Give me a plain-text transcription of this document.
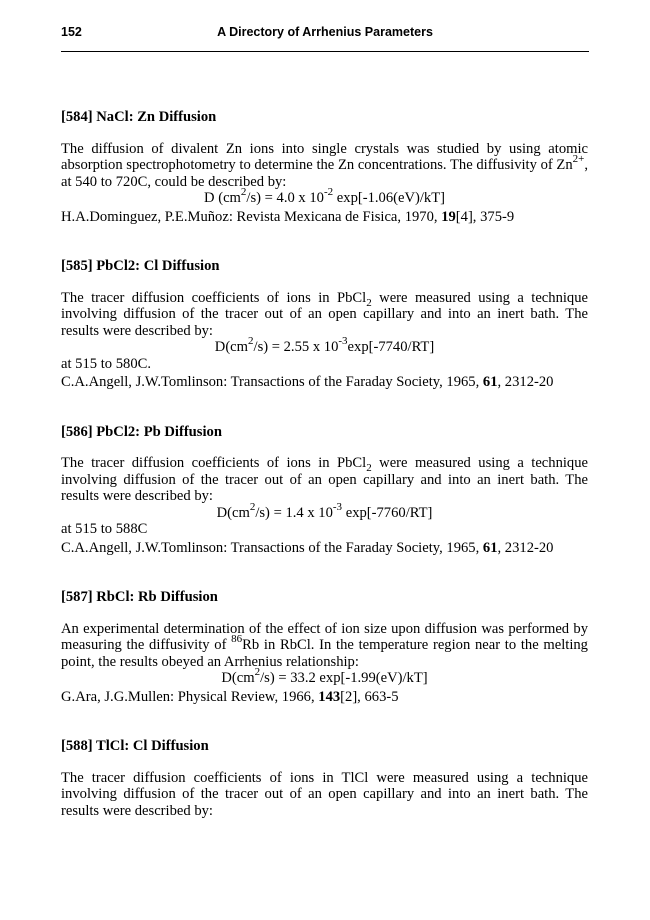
152	A Directory of Arrhenius Parameters

[584] NaCl: Zn Diffusion

The diffusion of divalent Zn ions into single crystals was studied by using atomic absorption spectrophotometry to determine the Zn concentrations. The diffusivity of $Zn^{2+}$, at 540 to 720C, could be described by:

D $(cm^2/s) = 4.0$ x $10^{-2}$ exp[-1.06(eV)/kT]

H.A.Dominguez, P.E.Muñoz: Revista Mexicana de Fisica, 1970, 19[4], 375-9

[585] PbCl2: Cl Diffusion

The tracer diffusion coefficients of ions in PbCl$_2$ were measured using a technique involving diffusion of the tracer out of an open capillary and into an inert bath. The results were described by:

$D(cm^2/s) = 2.55$ x $10^{-3}\exp[-7740/RT]$

at 515 to 580C.

C.A.Angell, J.W.Tomlinson: Transactions of the Faraday Society, 1965, 61, 2312-20

[586] PbCl2: Pb Diffusion

The tracer diffusion coefficients of ions in PbCl$_2$ were measured using a technique involving diffusion of the tracer out of an open capillary and into an inert bath. The results were described by:

$D(cm^2/s) = 1.4$ x $10^{-3}$ exp[-7760/RT]

at 515 to 588C

C.A.Angell, J.W.Tomlinson: Transactions of the Faraday Society, 1965, 61, 2312-20

[587] RbCl: Rb Diffusion

An experimental determination of the effect of ion size upon diffusion was performed by measuring the diffusivity of $^{86}$Rb in RbCl. In the temperature region near to the melting point, the results obeyed an Arrhenius relationship:

$D(cm^2/s) = 33.2$ exp[-1.99(eV)/kT]

G.Ara, J.G.Mullen: Physical Review, 1966, 143[2], 663-5

[588] TlCl: Cl Diffusion

The tracer diffusion coefficients of ions in TlCl were measured using a technique involving diffusion of the tracer out of an open capillary and into an inert bath. The results were described by:
